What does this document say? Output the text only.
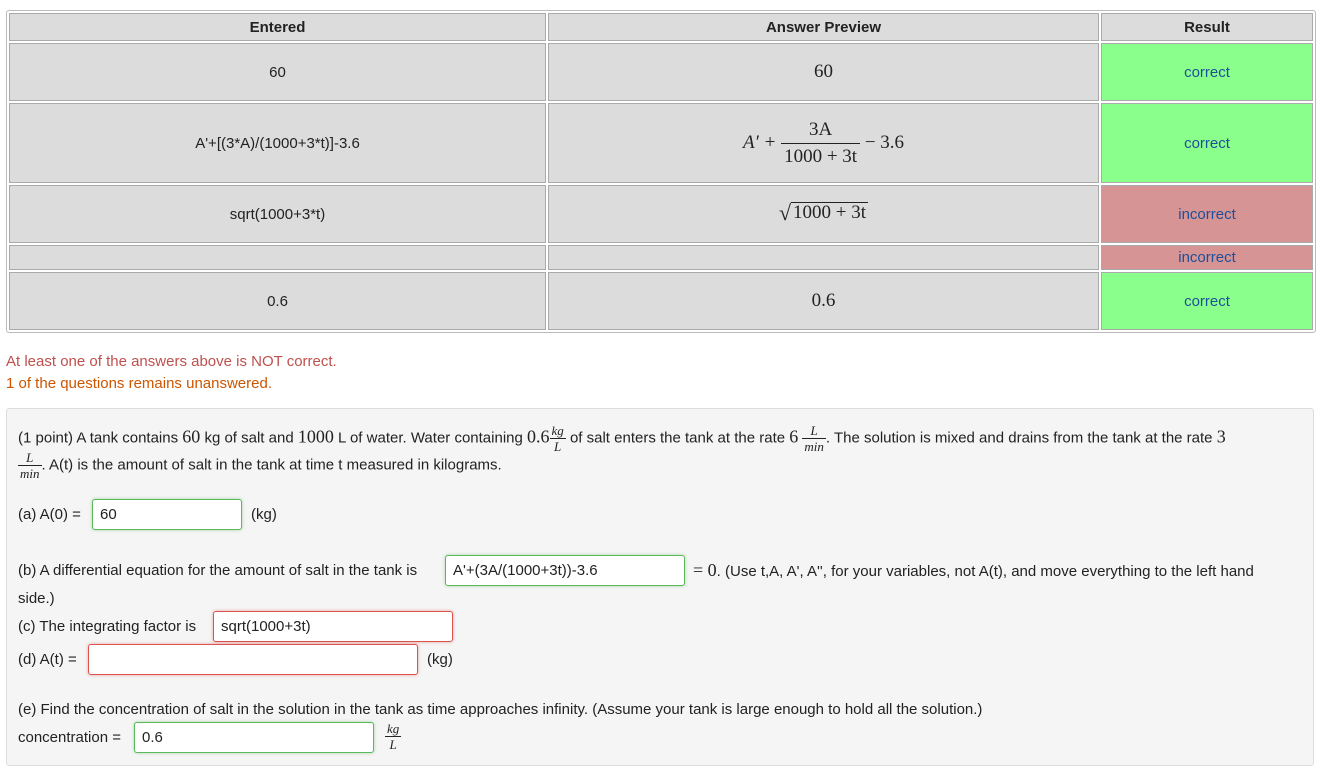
Entered	Answer Preview	Result
60	60	correct
A'+[(3*A)/(1000+3*t)]-3.6	$A' + \frac{3A}{1000 + 3t} - 3.6$	correct
sqrt(1000+3*t)	√ 1000 + 3t	incorrect
		incorrect
0.6	0.6	correct
At least one of the answers above is NOT correct.
1 of the questions remains unanswered.
(1 point) A tank contains 60 kg of salt and 1000 L of water. Water containing $0.6 \frac{kg}{L}$ of salt enters the tank at the rate $6 \frac{L}{\min}$ . The solution is mixed and drains from the tank at the rate 3
$\frac{L}{\min}$ . A(t) is the amount of salt in the tank at time t measured in kilograms.
(a) A(0) =
60	(kg)
(b) A differential equation for the amount of salt in the tank is
A'+(3A/(1000+3t))-3.6	= 0. (Use t,A, A', A'', for your variables, not A(t), and move everything to the left hand
side.)
(c) The integrating factor is
sqrt(1000+3t)
(d) A(t) =	(kg)
(e) Find the concentration of salt in the solution in the tank as time approaches infinity. (Assume your tank is large enough to hold all the solution.)
concentration =
0.6	$\frac{kg}{L}$
